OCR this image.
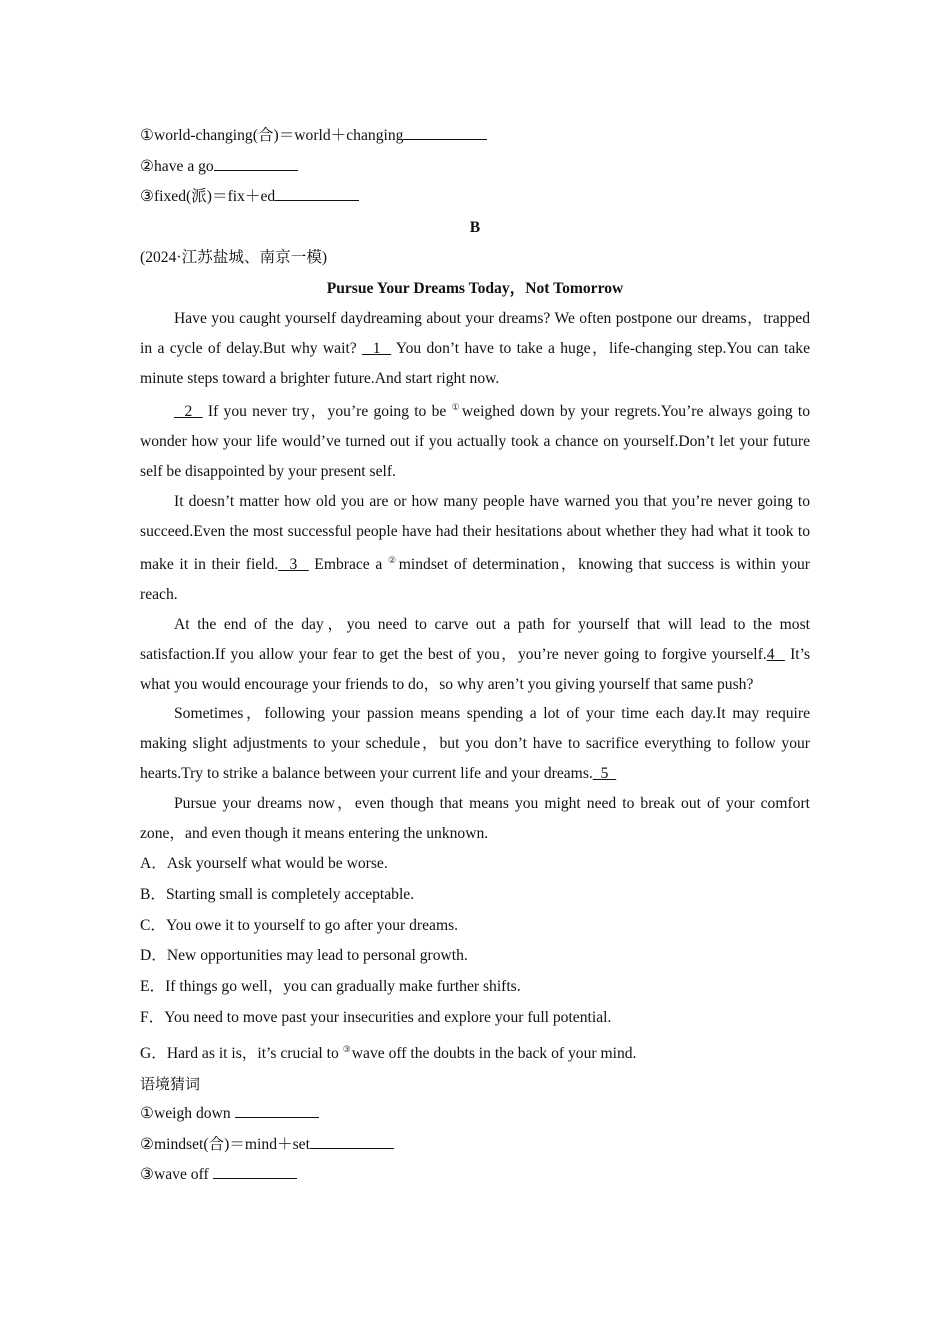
①world-changing(合)＝world＋changing
②have a go
③fixed(派)＝fix＋ed
B
(2024·江苏盐城、南京一模)
Pursue Your Dreams Today，Not Tomorrow

Have you caught yourself daydreaming about your dreams? We often postpone our dreams，trapped in a cycle of delay.But why wait?   1   You don’t have to take a huge，life-changing step.You can take minute steps toward a brighter future.And start right now.

2   If you never try，you’re going to be ①weighed down by your regrets.You’re always going to wonder how your life would’ve turned out if you actually took a chance on yourself.Don’t let your future self be disappointed by your present self.

It doesn’t matter how old you are or how many people have warned you that you’re never going to succeed.Even the most successful people have had their hesitations about whether they had what it took to make it in their field. 3   Embrace a ②mindset of determination，knowing that success is within your reach.

At the end of the day，you need to carve out a path for yourself that will lead to the most satisfaction.If you allow your fear to get the best of you，you’re never going to forgive yourself.4   It’s what you would encourage your friends to do，so why aren’t you giving yourself that same push?

Sometimes，following your passion means spending a lot of your time each day.It may require making slight adjustments to your schedule，but you don’t have to sacrifice everything to follow your hearts.Try to strike a balance between your current life and your dreams. 5

Pursue your dreams now，even though that means you might need to break out of your comfort zone，and even though it means entering the unknown.

A．Ask yourself what would be worse.
B．Starting small is completely acceptable.
C．You owe it to yourself to go after your dreams.
D．New opportunities may lead to personal growth.
E．If things go well，you can gradually make further shifts.
F．You need to move past your insecurities and explore your full potential.
G．Hard as it is，it’s crucial to ③wave off the doubts in the back of your mind.
语境猜词
①weigh down
②mindset(合)＝mind＋set
③wave off
